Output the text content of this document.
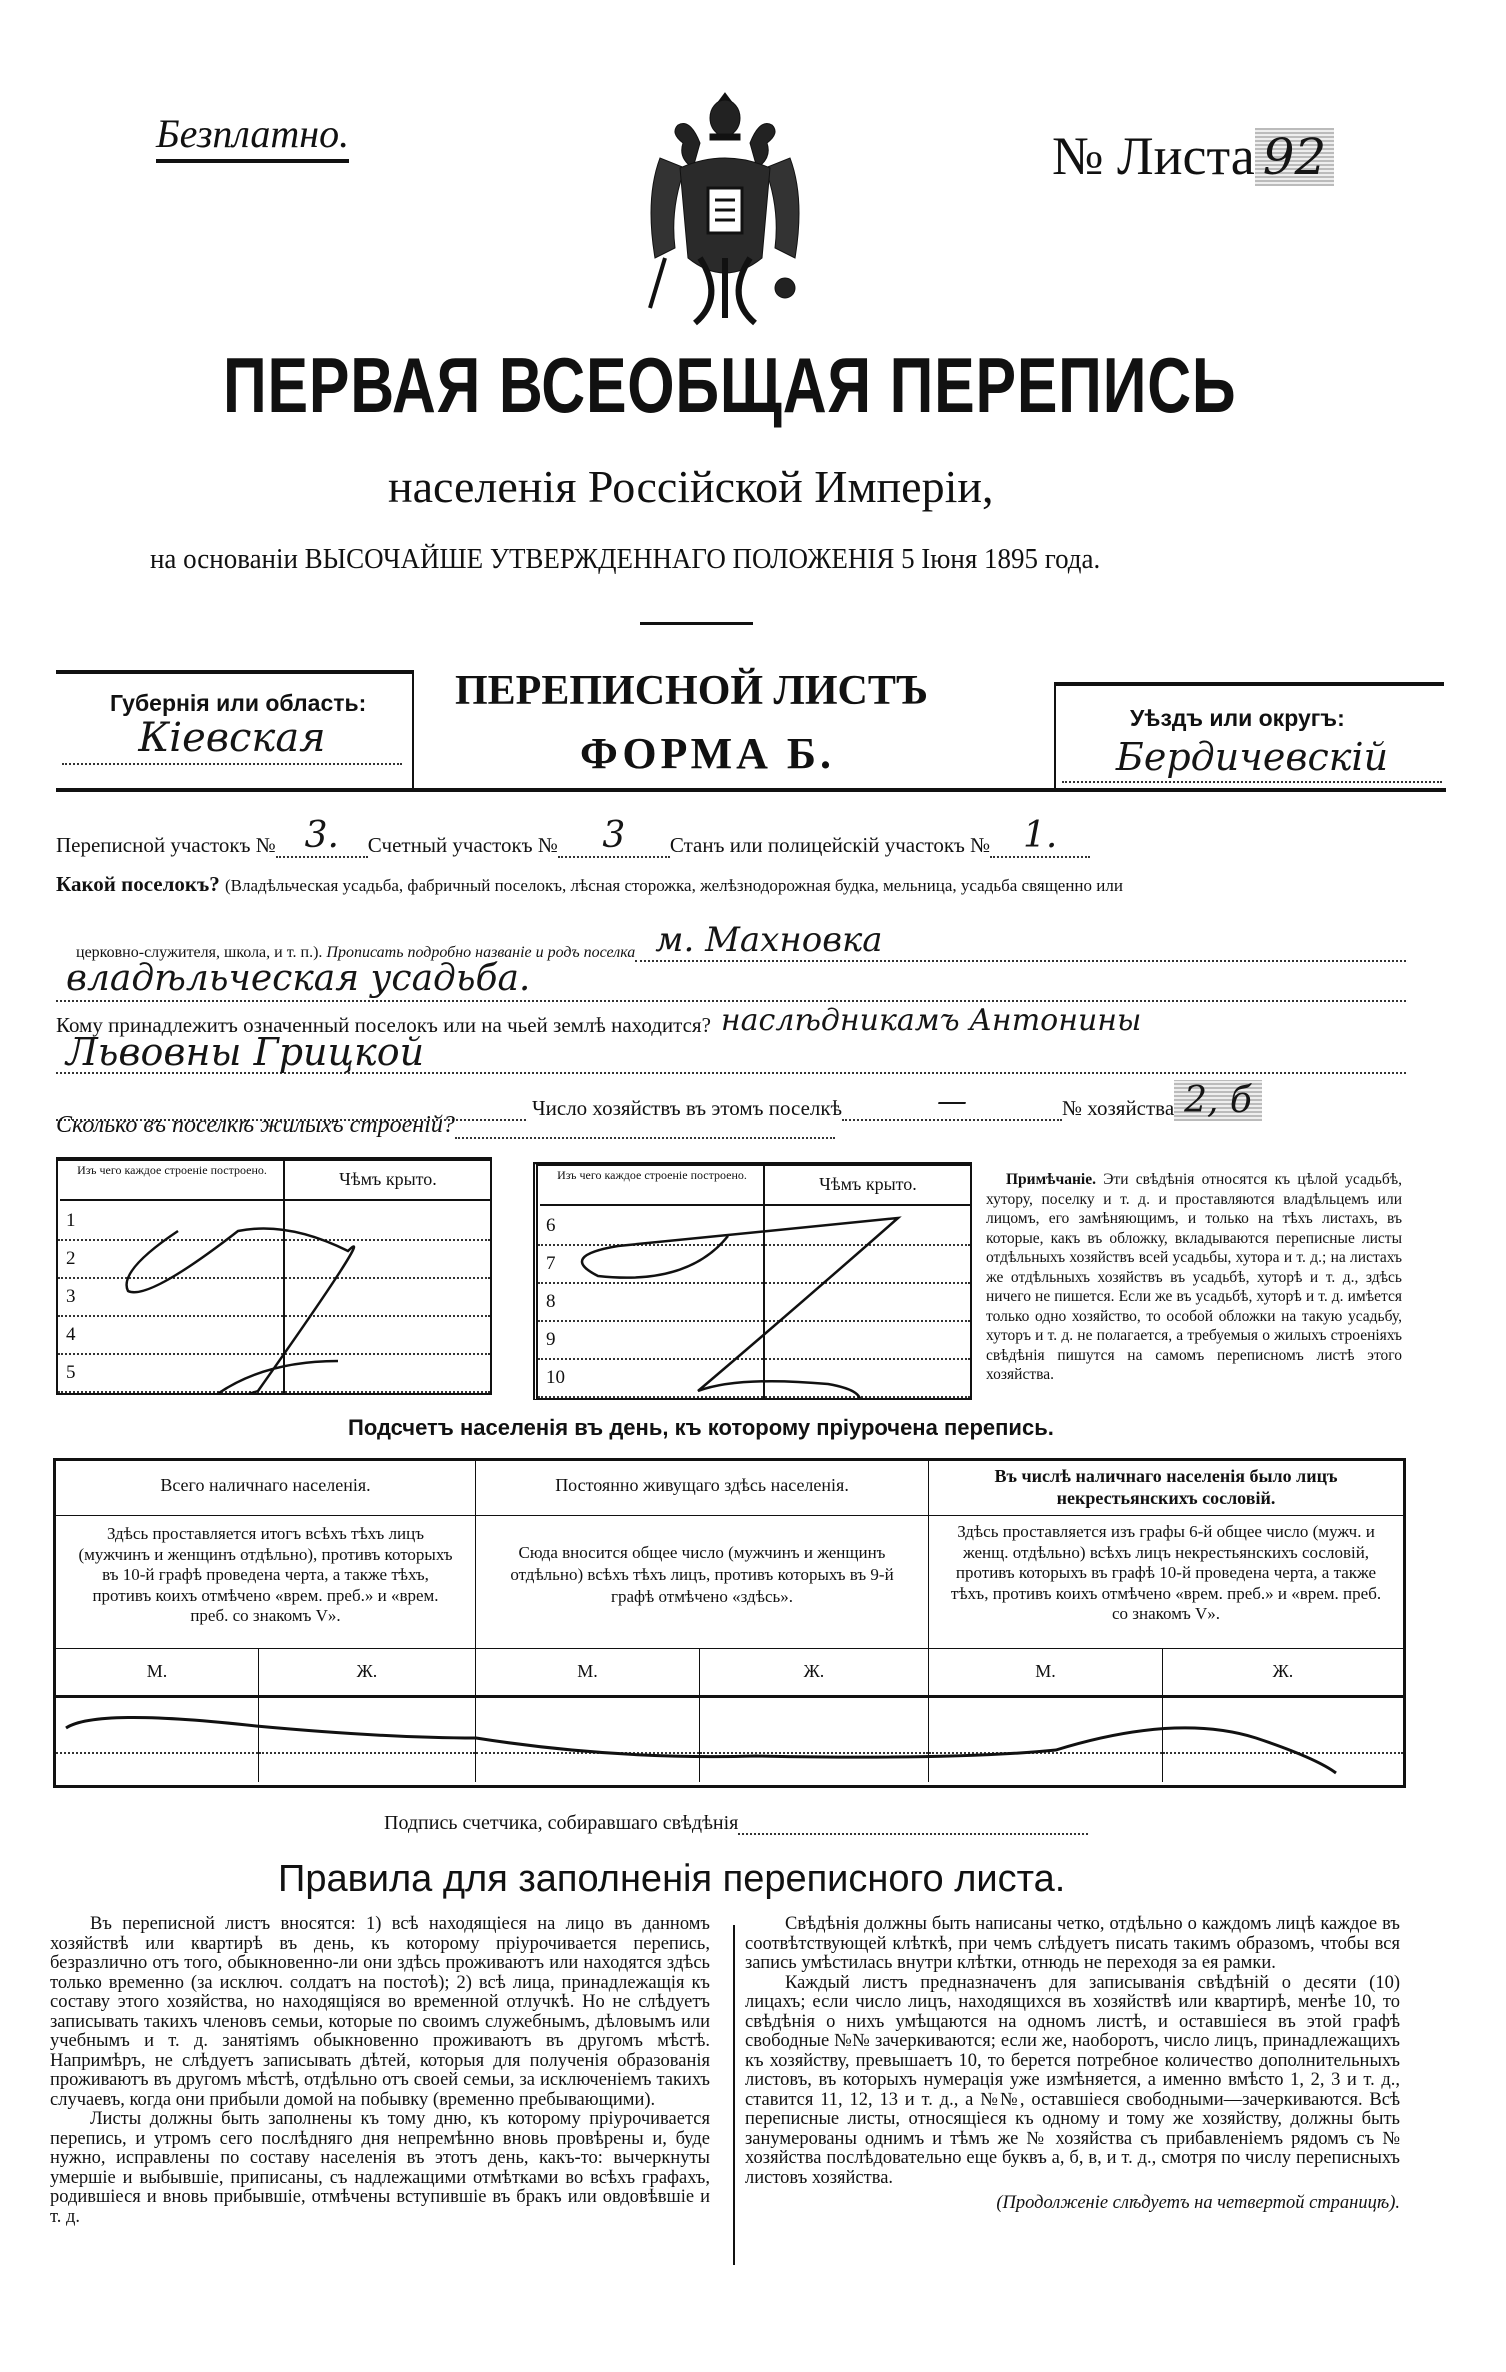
Безплатно.	№ Листа 92
ПЕРВАЯ ВСЕОБЩАЯ ПЕРЕПИСЬ
населенія Россійской Имперіи,
на основаніи ВЫСОЧАЙШЕ УТВЕРЖДЕННАГО ПОЛОЖЕНІЯ 5 Іюня 1895 года.
Губернія или область:
Кіевская
ПЕРЕПИСНОЙ ЛИСТЪ
ФОРМА Б.
Уѣздъ или округъ:
Бердичевскій
Переписной участокъ № 3.	Счетный участокъ №	3	Станъ или полицейскій участокъ № 1.
Какой поселокъ? (Владѣльческая усадьба, фабричный поселокъ, лѣсная сторожка, желѣзнодорожная будка, мельница, усадьба священно или
церковно-служителя, школа, и т. п.).
Прописать подробно названіе и родъ поселка м. Махновка
владѣльческая усадьба.
Кому принадлежитъ означенный поселокъ или на чьей землѣ находится? наслѣдникамъ Антонины
Львовны Грицкой
Число хозяйствъ въ этомъ поселкѣ	—	№ хозяйства 2, б
Сколько въ поселкѣ жилыхъ строеній?
Изъ чего каждое строеніе построено.	Чѣмъ крыто.
1
2
3
4
5
Изъ чего каждое строеніе построено.	Чѣмъ крыто.
6
7
8
9
10
Примѣчаніе. Эти свѣдѣнія относятся къ цѣлой усадьбѣ, хутору, поселку и т. д. и проставляются владѣльцемъ или лицомъ, его замѣняющимъ, и только на тѣхъ листахъ, въ которые, какъ въ обложку, вкладываются переписные листы отдѣльныхъ хозяйствъ всей усадьбы, хутора и т. д.; на листахъ же отдѣльныхъ хозяйствъ въ усадьбѣ, хуторѣ и т. д., здѣсь ничего не пишется. Если же въ усадьбѣ, хуторѣ и т. д. имѣется только одно хозяйство, то особой обложки на такую усадьбу, хуторъ и т. д. не полагается, а требуемыя о жилыхъ строеніяхъ свѣдѣнія пишутся на самомъ переписномъ листѣ этого хозяйства.
Подсчетъ населенія въ день, къ которому пріурочена перепись.
Всего наличнаго населенія.	Постоянно живущаго здѣсь населенія.	Въ числѣ наличнаго населенія было лицъ некрестьянскихъ сословій.
Здѣсь проставляется итогъ всѣхъ тѣхъ лицъ (мужчинъ и женщинъ отдѣльно), противъ которыхъ въ 10-й графѣ проведена черта, а также тѣхъ, противъ коихъ отмѣчено «врем. преб.» и «врем. преб. со знакомъ V».
Сюда вносится общее число (мужчинъ и женщинъ отдѣльно) всѣхъ тѣхъ лицъ, противъ которыхъ въ 9-й графѣ отмѣчено «здѣсь».
Здѣсь проставляется изъ графы 6-й общее число (мужч. и женщ. отдѣльно) всѣхъ лицъ некрестьянскихъ сословій, противъ которыхъ въ графѣ 10-й проведена черта, а также тѣхъ, противъ коихъ отмѣчено «врем. преб.» и «врем. преб. со знакомъ V».
М.	Ж.	М.	Ж.	М.	Ж.
Подпись счетчика, собиравшаго свѣдѣнія
Правила для заполненія переписного листа.

Въ переписной листъ вносятся: 1) всѣ находящіеся на лицо въ данномъ хозяйствѣ или квартирѣ въ день, къ которому пріурочивается перепись, безразлично отъ того, обыкновенно-ли они здѣсь проживаютъ или находятся здѣсь только временно (за исключ. солдатъ на постоѣ); 2) всѣ лица, принадлежащія къ составу этого хозяйства, но находящіяся во временной отлучкѣ. Но не слѣдуетъ записывать такихъ членовъ семьи, которые по своимъ служебнымъ, дѣловымъ или учебнымъ и т. д. занятіямъ обыкновенно проживаютъ въ другомъ мѣстѣ. Напримѣръ, не слѣдуетъ записывать дѣтей, которыя для полученія образованія проживаютъ въ другомъ мѣстѣ, отдѣльно отъ своей семьи, за исключеніемъ такихъ случаевъ, когда они прибыли домой на побывку (временно пребывающими).

Листы должны быть заполнены къ тому дню, къ которому пріурочивается перепись, и утромъ сего послѣдняго дня непремѣнно вновь провѣрены и, буде нужно, исправлены по составу населенія въ этотъ день, какъ-то: вычеркнуты умершіе и выбывшіе, приписаны, съ надлежащими отмѣтками во всѣхъ графахъ, родившіеся и вновь прибывшіе, отмѣчены вступившіе въ бракъ или овдовѣвшіе и т. д.

Свѣдѣнія должны быть написаны четко, отдѣльно о каждомъ лицѣ каждое въ соотвѣтствующей клѣткѣ, при чемъ слѣдуетъ писать такимъ образомъ, чтобы вся запись умѣстилась внутри клѣтки, отнюдь не переходя за ея рамки.

Каждый листъ предназначенъ для записыванія свѣдѣній о десяти (10) лицахъ; если число лицъ, находящихся въ хозяйствѣ или квартирѣ, менѣе 10, то свѣдѣнія о нихъ умѣщаются на одномъ листѣ, и оставшіеся въ этой графѣ свободные №№ зачеркиваются; если же, наоборотъ, число лицъ, принадлежащихъ къ хозяйству, превышаетъ 10, то берется потребное количество дополнительныхъ листовъ, въ которыхъ нумерація уже измѣняется, а именно вмѣсто 1, 2, 3 и т. д., ставится 11, 12, 13 и т. д., а №№, оставшіеся свободными—зачеркиваются. Всѣ переписные листы, относящіеся къ одному и тому же хозяйству, должны быть занумерованы однимъ и тѣмъ же № хозяйства съ прибавленіемъ рядомъ съ № хозяйства послѣдовательно еще буквъ а, б, в, и т. д., смотря по числу переписныхъ листовъ хозяйства.

(Продолженіе слѣдуетъ на четвертой страницѣ).
